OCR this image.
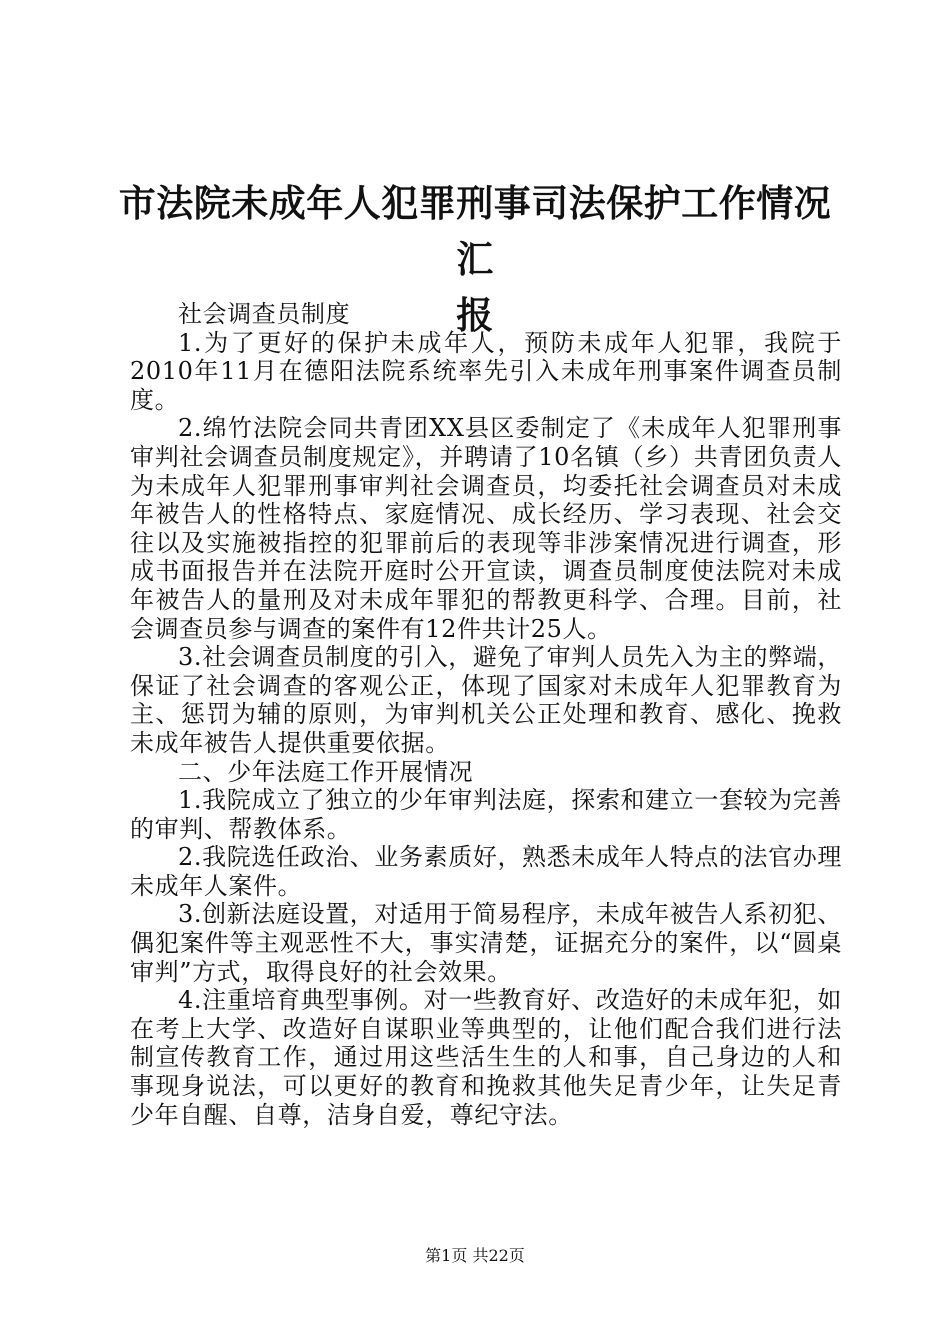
市法院未成年人犯罪刑事司法保护工作情况汇
报

社会调查员制度

1.为了更好的保护未成年人，预防未成年人犯罪，我院于2010年11月在德阳法院系统率先引入未成年刑事案件调查员制度。

2.绵竹法院会同共青团XX县区委制定了《未成年人犯罪刑事审判社会调查员制度规定》，并聘请了10名镇（乡）共青团负责人为未成年人犯罪刑事审判社会调查员，均委托社会调查员对未成年被告人的性格特点、家庭情况、成长经历、学习表现、社会交往以及实施被指控的犯罪前后的表现等非涉案情况进行调查，形成书面报告并在法院开庭时公开宣读，调查员制度使法院对未成年被告人的量刑及对未成年罪犯的帮教更科学、合理。目前，社会调查员参与调查的案件有12件共计25人。

3.社会调查员制度的引入，避免了审判人员先入为主的弊端，保证了社会调查的客观公正，体现了国家对未成年人犯罪教育为主、惩罚为辅的原则，为审判机关公正处理和教育、感化、挽救未成年被告人提供重要依据。

二、少年法庭工作开展情况

1.我院成立了独立的少年审判法庭，探索和建立一套较为完善的审判、帮教体系。

2.我院选任政治、业务素质好，熟悉未成年人特点的法官办理未成年人案件。

3.创新法庭设置，对适用于简易程序，未成年被告人系初犯、偶犯案件等主观恶性不大，事实清楚，证据充分的案件，以“圆桌审判”方式，取得良好的社会效果。

4.注重培育典型事例。对一些教育好、改造好的未成年犯，如在考上大学、改造好自谋职业等典型的，让他们配合我们进行法制宣传教育工作，通过用这些活生生的人和事，自己身边的人和事现身说法，可以更好的教育和挽救其他失足青少年，让失足青少年自醒、自尊，洁身自爱，尊纪守法。

第1页 共22页
